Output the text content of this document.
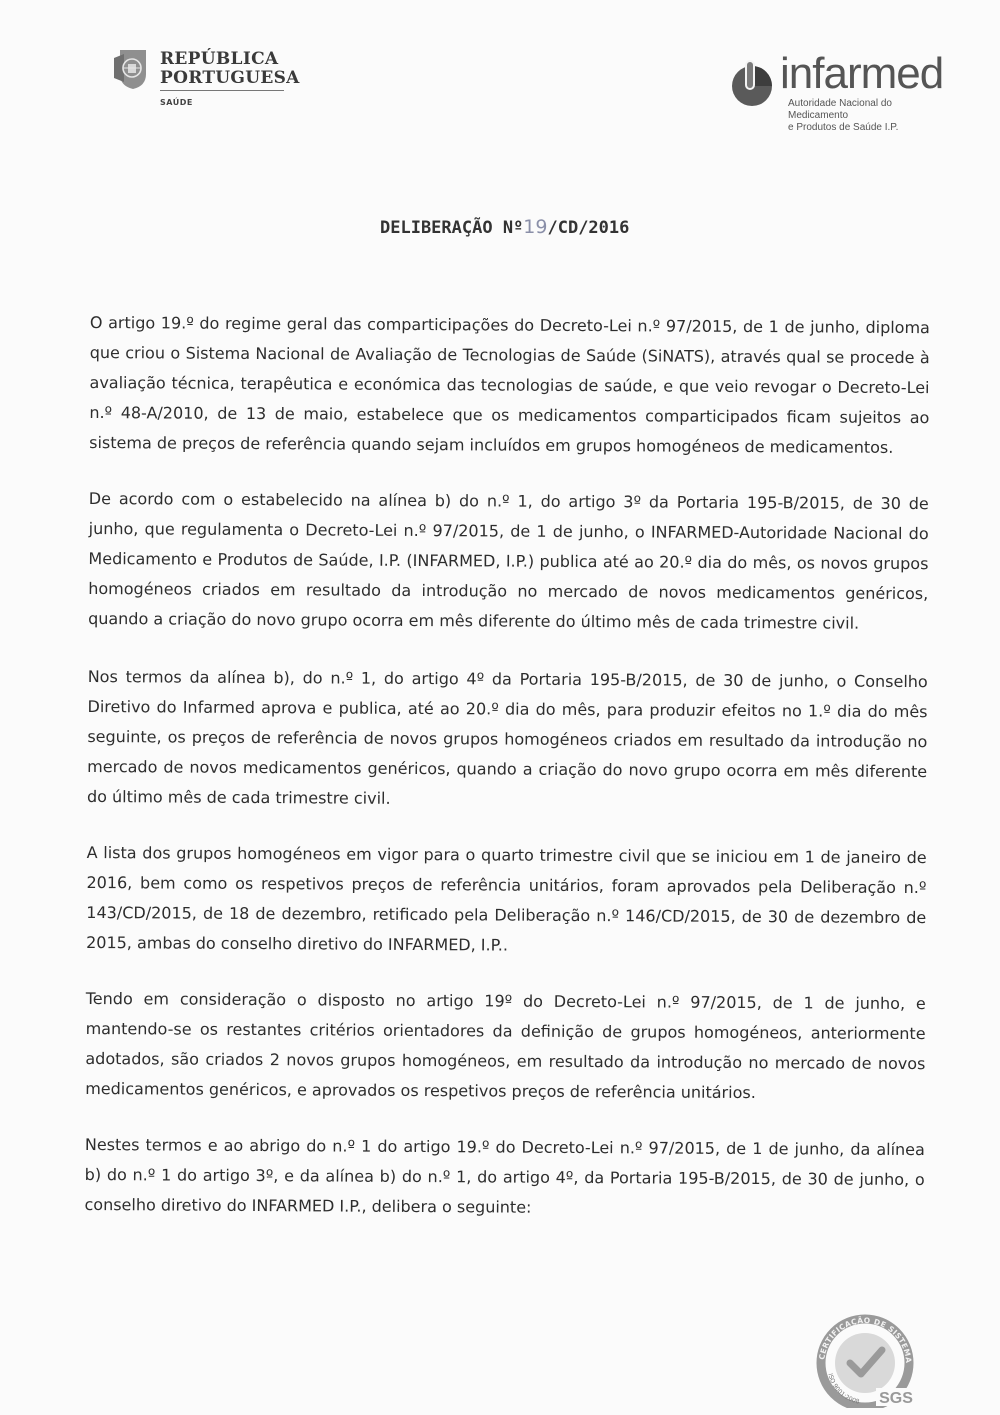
REPÚBLICA
PORTUGUESA
SAÚDE
infarmed
Autoridade Nacional do Medicamento
e Produtos de Saúde I.P.
DELIBERAÇÃO Nº19/CD/2016

O artigo 19.º do regime geral das comparticipações do Decreto-Lei n.º 97/2015, de 1 de junho, diploma que criou o Sistema Nacional de Avaliação de Tecnologias de Saúde (SiNATS), através qual se procede à avaliação técnica, terapêutica e económica das tecnologias de saúde, e que veio revogar o Decreto-Lei n.º 48-A/2010, de 13 de maio, estabelece que os medicamentos comparticipados ficam sujeitos ao sistema de preços de referência quando sejam incluídos em grupos homogéneos de medicamentos.

De acordo com o estabelecido na alínea b) do n.º 1, do artigo 3º da Portaria 195-B/2015, de 30 de junho, que regulamenta o Decreto-Lei n.º 97/2015, de 1 de junho, o INFARMED-Autoridade Nacional do Medicamento e Produtos de Saúde, I.P. (INFARMED, I.P.) publica até ao 20.º dia do mês, os novos grupos homogéneos criados em resultado da introdução no mercado de novos medicamentos genéricos, quando a criação do novo grupo ocorra em mês diferente do último mês de cada trimestre civil.

Nos termos da alínea b), do n.º 1, do artigo 4º da Portaria 195-B/2015, de 30 de junho, o Conselho Diretivo do Infarmed aprova e publica, até ao 20.º dia do mês, para produzir efeitos no 1.º dia do mês seguinte, os preços de referência de novos grupos homogéneos criados em resultado da introdução no mercado de novos medicamentos genéricos, quando a criação do novo grupo ocorra em mês diferente do último mês de cada trimestre civil.

A lista dos grupos homogéneos em vigor para o quarto trimestre civil que se iniciou em 1 de janeiro de 2016, bem como os respetivos preços de referência unitários, foram aprovados pela Deliberação n.º 143/CD/2015, de 18 de dezembro, retificado pela Deliberação n.º 146/CD/2015, de 30 de dezembro de 2015, ambas do conselho diretivo do INFARMED, I.P..

Tendo em consideração o disposto no artigo 19º do Decreto-Lei n.º 97/2015, de 1 de junho, e mantendo-se os restantes critérios orientadores da definição de grupos homogéneos, anteriormente adotados, são criados 2 novos grupos homogéneos, em resultado da introdução no mercado de novos medicamentos genéricos, e aprovados os respetivos preços de referência unitários.

Nestes termos e ao abrigo do n.º 1 do artigo 19.º do Decreto-Lei n.º 97/2015, de 1 de junho, da alínea b) do n.º 1 do artigo 3º, e da alínea b) do n.º 1, do artigo 4º, da Portaria 195-B/2015, de 30 de junho, o conselho diretivo do INFARMED I.P., delibera o seguinte:

CERTIFICAÇÃO DE SISTEMA
ISO 9001:2008 SGS
